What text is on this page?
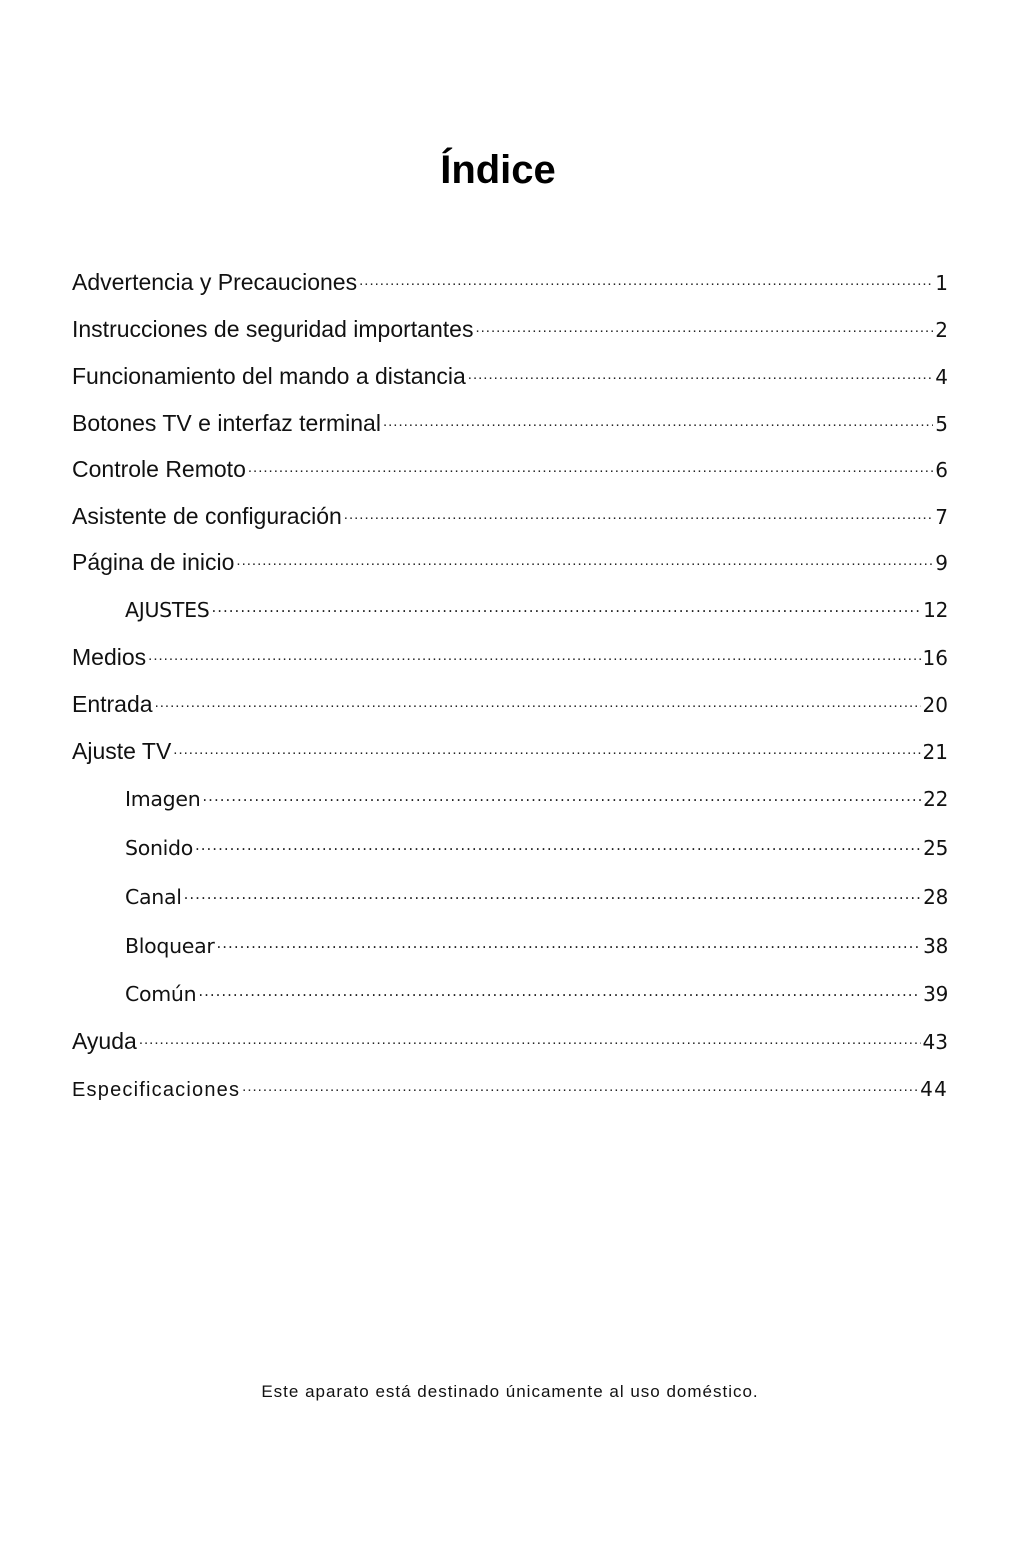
Índice
Advertencia y Precauciones .....	1
Instrucciones de seguridad importantes .....	2
Funcionamiento del mando a distancia .....	4
Botones TV e interfaz terminal .....	5
Controle Remoto .....	6
Asistente de configuración .....	7
Página de inicio .....	9
AJUSTES .....	12
Medios .....	16
Entrada .....	20
Ajuste TV .....	21
Imagen .....	22
Sonido .....	25
Canal .....	28
Bloquear .....	38
Común .....	39
Ayuda .....	43
Especificaciones .....	44
Este aparato está destinado únicamente al uso doméstico.
